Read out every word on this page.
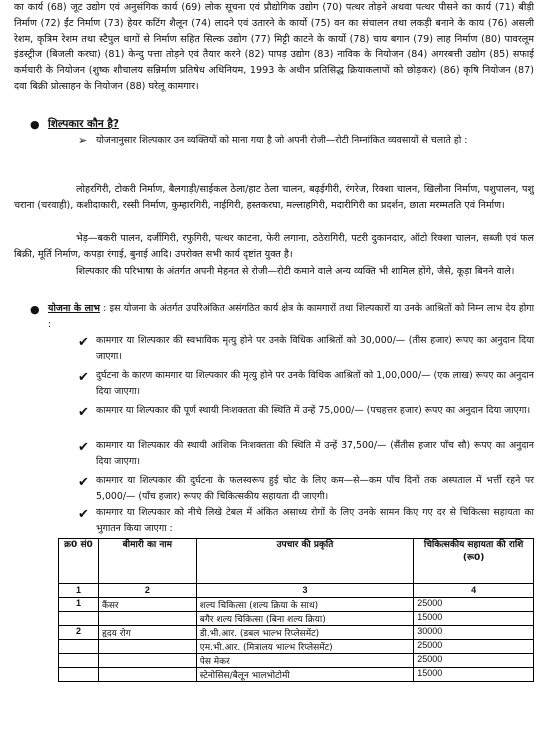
का कार्य (68) जूट उद्योग एवं अनुसंगिक कार्य (69) लोक सूचना एवं प्रौद्योगिक उद्योग (70) पत्थर तोड़ने अथवा पत्थर पीसने का कार्य (71) बीड़ी निर्माण (72) ईंट निर्माण (73) हेयर कटिंग शैलून (74) लादने एवं उतारने के कार्यो (75) वन का संचालन तथा लकड़ी बनाने के काय (76) असली रेशम, कृत्रिम रेशम तथा स्टैपुल धागों से निर्माण सहित सिल्क उद्योग (77) मिट्टी काटने के कार्यो (78) चाय बगान (79) लाह निर्माण (80) पावरलूम इंडस्ट्रीज (बिजली करघा) (81) केन्दु पत्ता तोड़ने एवं तैयार करने (82) पापड़ उद्योग (83) नाविक के नियोजन (84) अगरबत्ती उद्योग (85) सफाई कर्मचारी के नियोजन (शुष्क शौचालय सन्निर्माण प्रतिषेध अधिनियम, 1993 के अधीन प्रतिसिद्ध क्रियाकलापों को छोड़कर) (86) कृषि नियोजन (87) दवा बिक्री प्रोत्साहन के नियोजन (88) घरेलू कामगार।

● शिल्पकार कौन है?
➢ योजनानुसार शिल्पकार उन व्यक्तियों को माना गया है जो अपनी रोजी—रोटी निम्नांकित व्यवसायों से चलाते हो :

लोहरगिरी, टोकरी निर्माण, बैलगाड़ी/साईकल ठेला/हाट ठेला चालन, बढ़ईगीरी, रंगरेज, रिक्शा चालन, खिलौना निर्माण, पशुपालन, पशु चराना (चरवाही), कशीदाकारी, रस्सी निर्माण, कुम्हारगिरी, नाईगिरी, हस्तकरघा, मल्लाहगिरी, मदारीगिरी का प्रदर्शन, छाता मरम्मतति एवं निर्माण।

भेड़—बकरी पालन, दर्जीगिरी, रफुगिरी, पत्थर काटना, फेरी लगाना, ठठेरागिरी, पटरी दुकानदार, ऑटो रिक्शा चालन, सब्जी एवं फल बिक्री, मूर्ति निर्माण, कपड़ा रंगाई, बुनाई आदि। उपरोक्त सभी कार्य दृष्टांत युक्त है।

शिल्पकार की परिभाषा के अंतर्गत अपनी मेहनत से रोजी—रोटी कमाने वाले अन्य व्यक्ति भी शामिल होंगे, जैसे, कूड़ा बिनने वाले।

● योजना के लाभ : इस योजना के अंतर्गत उपरिअंकित असंगठित कार्य क्षेत्र के कामगारों तथा शिल्पकारों या उनके आश्रितों को निम्न लाभ देय होगा :

✔ कामगार या शिल्पकार की स्वभाविक मृत्यु होने पर उनके विधिक आश्रितों को 30,000/— (तीस हजार) रूपए का अनुदान दिया जाएगा।

✔ दुर्घटना के कारण कामगार या शिल्पकार की मृत्यु होने पर उनके विधिक आश्रितों को 1,00,000/— (एक लाख) रूपए का अनुदान दिया जाएगा।

✔ कामगार या शिल्पकार की पूर्ण स्थायी निःशक्तता की स्थिति में उन्हें 75,000/— (पचहत्तर हजार) रूपए का अनुदान दिया जाएगा।

✔ कामगार या शिल्पकार की स्थायी आंशिक निःशक्तता की स्थिति में उन्हें 37,500/— (सैंतीस हजार पाँच सौ) रूपए का अनुदान दिया जाएगा।

✔ कामगार या शिल्पकार की दुर्घटना के फलस्वरूप हुई चोट के लिए कम—से—कम पाँच दिनों तक अस्पताल में भर्त्ती रहने पर 5,000/— (पाँच हजार) रूपए की चिकित्सकीय सहायता दी जाएगी।

✔ कामगार या शिल्पकार को नीचे लिखे टेबल में अंकित असाध्य रोगों के लिए उनके सामन किए गए दर से चिकित्सा सहायता का भुगातन किया जाएगा :

क्र0 सं0	बीमारी का नाम	उपचार की प्रकृति	चिकित्सकीय सहायता की राशि (रू0)
1	2	3	4
1	कैंसर	शल्य चिकित्सा (शल्य क्रिया के साथ)	25000
		बगैर शल्य चिकित्सा (बिना शल्य क्रिया)	15000
2	हृदय रोग	डी.भी.आर. (डबल भाल्भ रिप्लेसमेंट)	30000
		एम.भी.आर. (मित्रालय भाल्भ रिप्लेसमेंट)	25000
		पेस मेकर	25000
		स्टेनोसिस/बैलून भालभोटोमी	15000
